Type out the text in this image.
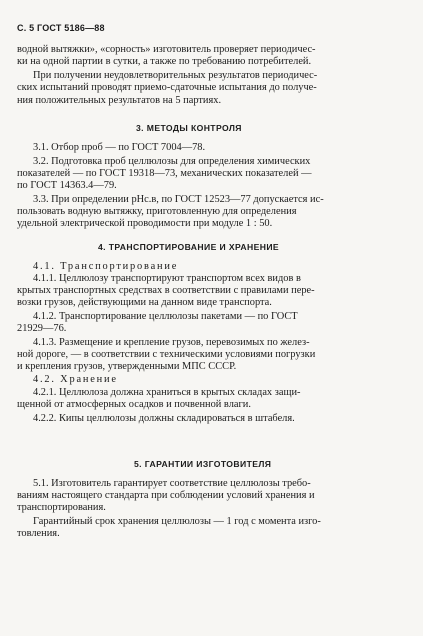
С. 5 ГОСТ 5186—88
водной вытяжки», «сорность» изготовитель проверяет периодичес-
ки на одной партии в сутки, а также по требованию потребителей.
При получении неудовлетворительных результатов периодичес-
ских испытаний проводят приемо-сдаточные испытания до получе-
ния положительных результатов на 5 партиях.
3. МЕТОДЫ КОНТРОЛЯ
3.1. Отбор проб — по ГОСТ 7004—78.
3.2. Подготовка проб целлюлозы для определения химических
показателей — по ГОСТ 19318—73, механических показателей —
по ГОСТ 14363.4—79.
3.3. При определении pHс.в, по ГОСТ 12523—77 допускается ис-
пользовать водную вытяжку, приготовленную для определения
удельной электрической проводимости при модуле 1 : 50.
4. ТРАНСПОРТИРОВАНИЕ И ХРАНЕНИЕ
4.1. Транспортирование
4.1.1. Целлюлозу транспортируют транспортом всех видов в
крытых транспортных средствах в соответствии с правилами пере-
возки грузов, действующими на данном виде транспорта.
4.1.2. Транспортирование целлюлозы пакетами — по ГОСТ
21929—76.
4.1.3. Размещение и крепление грузов, перевозимых по желез-
ной дороге, — в соответствии с техническими условиями погрузки
и крепления грузов, утвержденными МПС СССР.
4.2. Хранение
4.2.1. Целлюлоза должна храниться в крытых складах защи-
щенной от атмосферных осадков и почвенной влаги.
4.2.2. Кипы целлюлозы должны складироваться в штабеля.
5. ГАРАНТИИ ИЗГОТОВИТЕЛЯ
5.1. Изготовитель гарантирует соответствие целлюлозы требо-
ваниям настоящего стандарта при соблюдении условий хранения и
транспортирования.
Гарантийный срок хранения целлюлозы — 1 год с момента изго-
товления.
